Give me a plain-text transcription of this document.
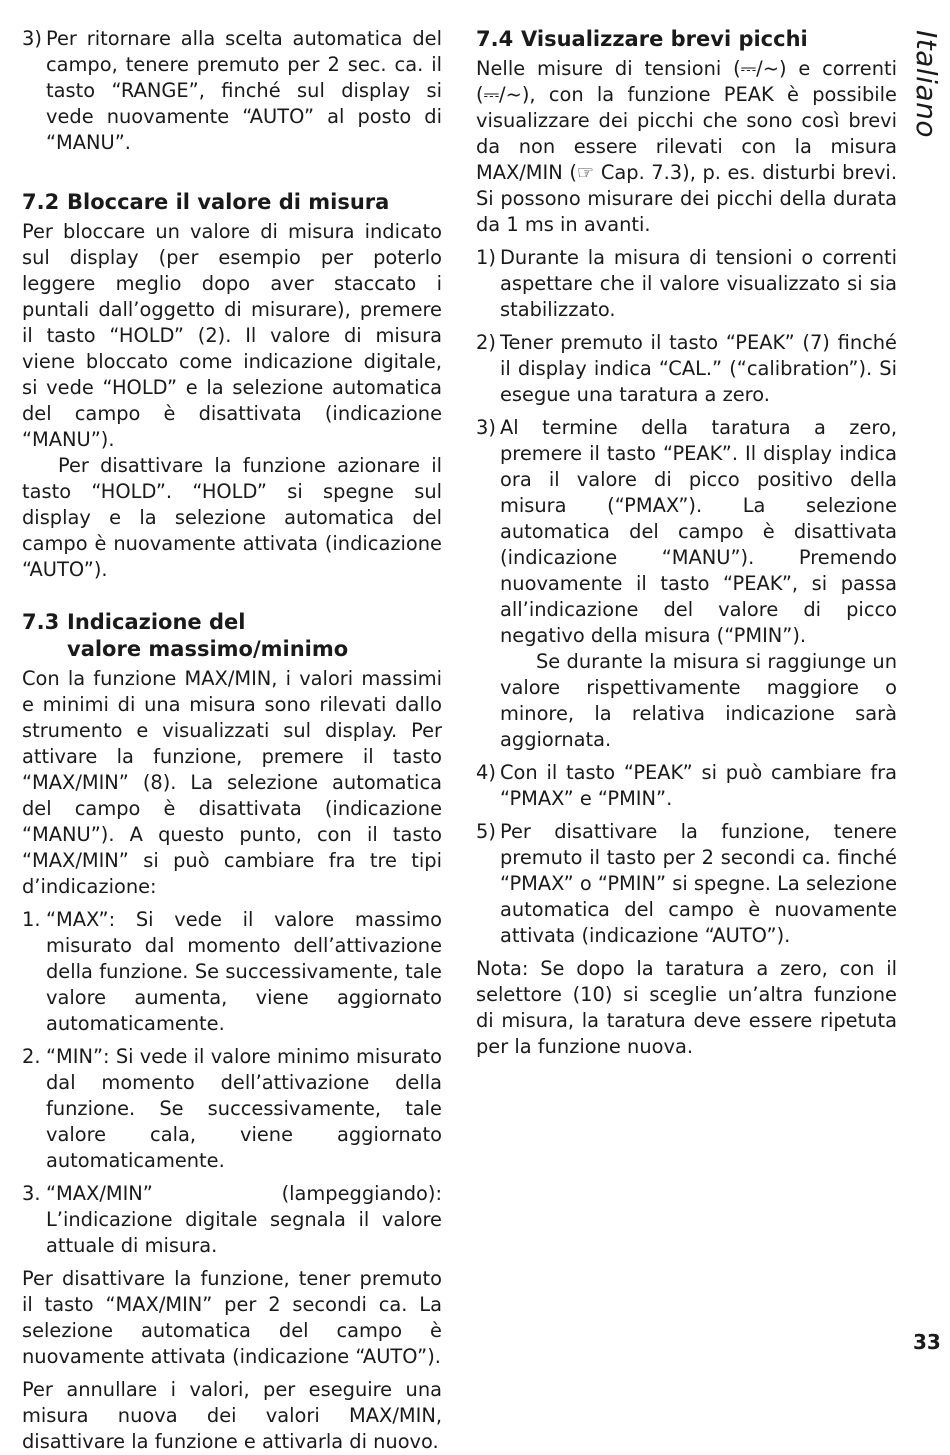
Italiano
3) Per ritornare alla scelta automatica del campo, tenere premuto per 2 sec. ca. il tasto “RANGE”, finché sul display si vede nuovamente “AUTO” al posto di “MANU”.
7.2 Bloccare il valore di misura

Per bloccare un valore di misura indicato sul display (per esempio per poterlo leggere meglio dopo aver staccato i puntali dall’oggetto di misurare), premere il tasto “HOLD” (2). Il valore di misura viene bloccato come indicazione digitale, si vede “HOLD” e la selezione automatica del campo è disattivata (indicazione “MANU”).

Per disattivare la funzione azionare il tasto “HOLD”. “HOLD” si spegne sul display e la selezione automatica del campo è nuovamente attivata (indicazione “AUTO”).

7.3 Indicazione del
valore massimo/minimo

Con la funzione MAX/MIN, i valori massimi e minimi di una misura sono rilevati dallo strumento e visualizzati sul display. Per attivare la funzione, premere il tasto “MAX/MIN” (8). La selezione automatica del campo è disattivata (indicazione “MANU”). A questo punto, con il tasto “MAX/MIN” si può cambiare fra tre tipi d’indicazione:

1. “MAX”: Si vede il valore massimo misurato dal momento dell’attivazione della funzione. Se successivamente, tale valore aumenta, viene aggiornato automaticamente.
2. “MIN”: Si vede il valore minimo misurato dal momento dell’attivazione della funzione. Se successivamente, tale valore cala, viene aggiornato automaticamente.
3. “MAX/MIN” (lampeggiando): L’indicazione digitale segnala il valore attuale di misura.

Per disattivare la funzione, tener premuto il tasto “MAX/MIN” per 2 secondi ca. La selezione automatica del campo è nuovamente attivata (indicazione “AUTO”).

Per annullare i valori, per eseguire una misura nuova dei valori MAX/MIN, disattivare la funzione e attivarla di nuovo.

7.4 Visualizzare brevi picchi

Nelle misure di tensioni (⎓/~) e correnti (⎓/~), con la funzione PEAK è possibile visualizzare dei picchi che sono così brevi da non essere rilevati con la misura MAX/MIN (☞ Cap. 7.3), p. es. disturbi brevi. Si possono misurare dei picchi della durata da 1 ms in avanti.

1) Durante la misura di tensioni o correnti aspettare che il valore visualizzato si sia stabilizzato.
2) Tener premuto il tasto “PEAK” (7) finché il display indica “CAL.” (“calibration”). Si esegue una taratura a zero.
3) Al termine della taratura a zero, premere il tasto “PEAK”. Il display indica ora il valore di picco positivo della misura (“PMAX”). La selezione automatica del campo è disattivata (indicazione “MANU”). Premendo nuovamente il tasto “PEAK”, si passa all’indicazione del valore di picco negativo della misura (“PMIN”).
Se durante la misura si raggiunge un valore rispettivamente maggiore o minore, la relativa indicazione sarà aggiornata.
4) Con il tasto “PEAK” si può cambiare fra “PMAX” e “PMIN”.
5) Per disattivare la funzione, tenere premuto il tasto per 2 secondi ca. finché “PMAX” o “PMIN” si spegne. La selezione automatica del campo è nuovamente attivata (indicazione “AUTO”).

Nota: Se dopo la taratura a zero, con il selettore (10) si sceglie un’altra funzione di misura, la taratura deve essere ripetuta per la funzione nuova.

33
